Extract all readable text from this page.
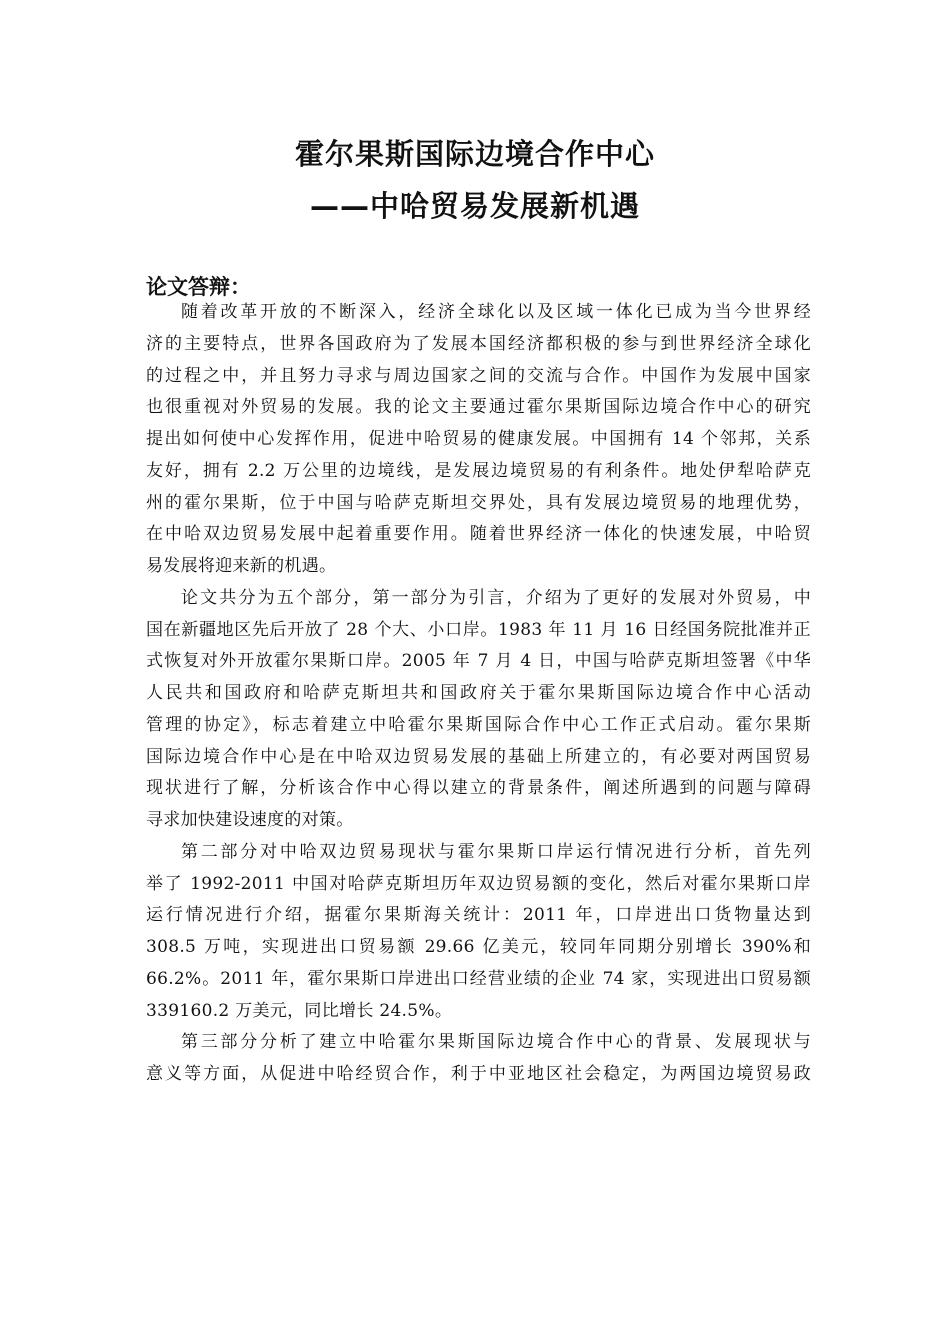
霍尔果斯国际边境合作中心
——中哈贸易发展新机遇
论文答辩：
随着改革开放的不断深入，经济全球化以及区域一体化已成为当今世界经
济的主要特点，世界各国政府为了发展本国经济都积极的参与到世界经济全球化
的过程之中，并且努力寻求与周边国家之间的交流与合作。中国作为发展中国家
也很重视对外贸易的发展。我的论文主要通过霍尔果斯国际边境合作中心的研究
提出如何使中心发挥作用，促进中哈贸易的健康发展。中国拥有 14 个邻邦，关系
友好，拥有 2.2 万公里的边境线，是发展边境贸易的有利条件。地处伊犁哈萨克
州的霍尔果斯，位于中国与哈萨克斯坦交界处，具有发展边境贸易的地理优势，
在中哈双边贸易发展中起着重要作用。随着世界经济一体化的快速发展，中哈贸
易发展将迎来新的机遇。
论文共分为五个部分，第一部分为引言，介绍为了更好的发展对外贸易，中
国在新疆地区先后开放了 28 个大、小口岸。1983 年 11 月 16 日经国务院批准并正
式恢复对外开放霍尔果斯口岸。2005 年 7 月 4 日，中国与哈萨克斯坦签署《中华
人民共和国政府和哈萨克斯坦共和国政府关于霍尔果斯国际边境合作中心活动
管理的协定》，标志着建立中哈霍尔果斯国际合作中心工作正式启动。霍尔果斯
国际边境合作中心是在中哈双边贸易发展的基础上所建立的，有必要对两国贸易
现状进行了解，分析该合作中心得以建立的背景条件，阐述所遇到的问题与障碍
寻求加快建设速度的对策。
第二部分对中哈双边贸易现状与霍尔果斯口岸运行情况进行分析，首先列
举了 1992-2011 中国对哈萨克斯坦历年双边贸易额的变化，然后对霍尔果斯口岸
运行情况进行介绍，据霍尔果斯海关统计：2011 年，口岸进出口货物量达到
308.5 万吨，实现进出口贸易额 29.66 亿美元，较同年同期分别增长 390%和
66.2%。2011 年，霍尔果斯口岸进出口经营业绩的企业 74 家，实现进出口贸易额
339160.2 万美元，同比增长 24.5%。
第三部分分析了建立中哈霍尔果斯国际边境合作中心的背景、发展现状与
意义等方面，从促进中哈经贸合作，利于中亚地区社会稳定，为两国边境贸易政
